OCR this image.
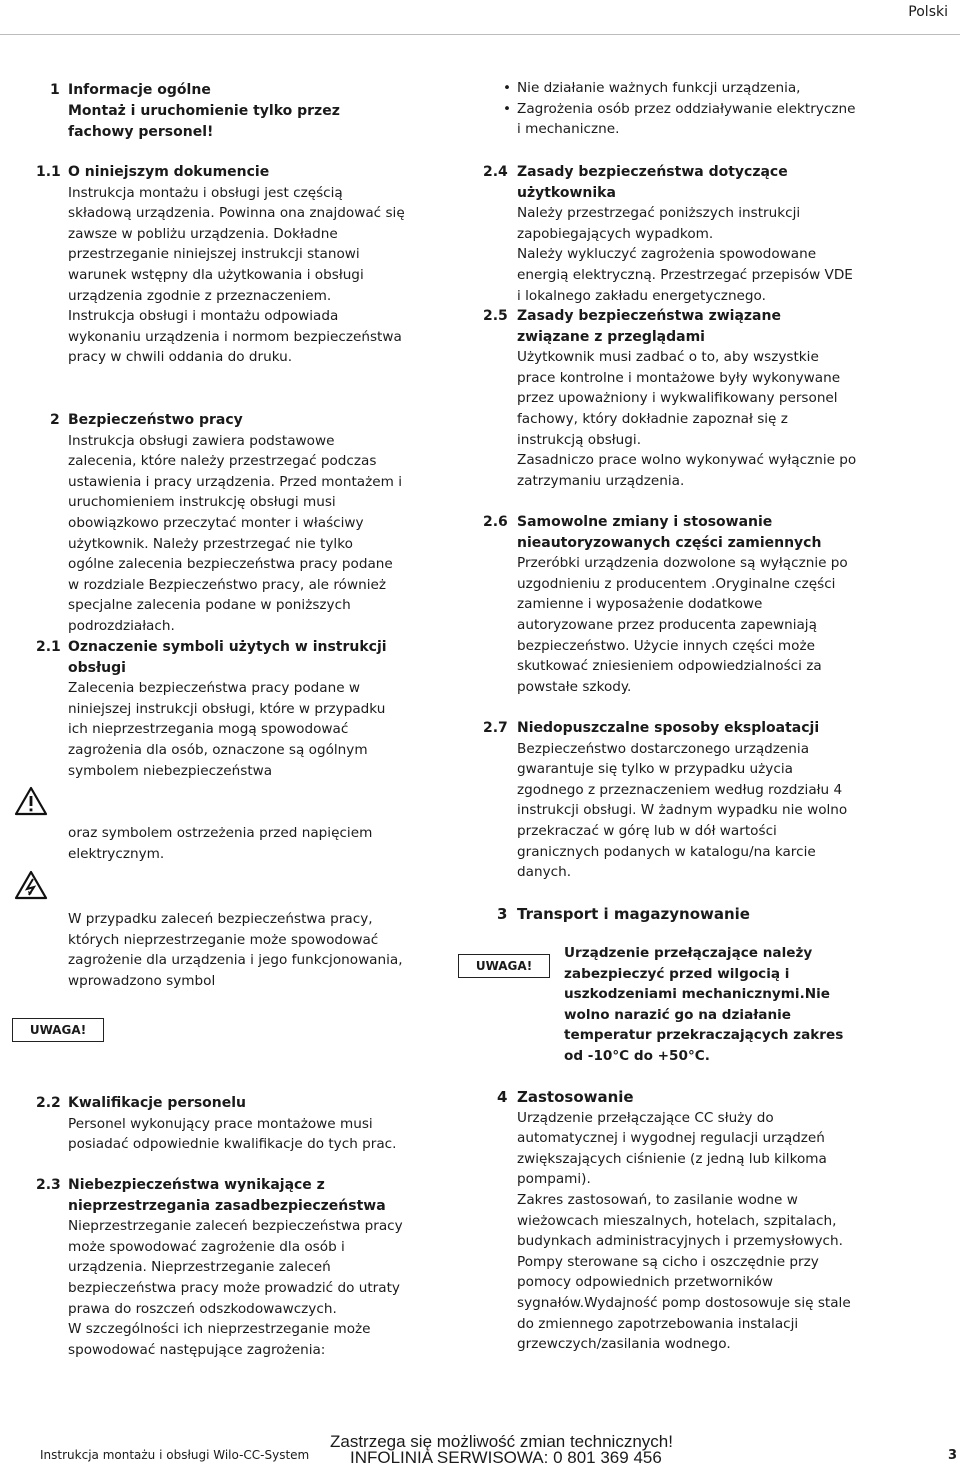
Polski
1 Informacje ogólne
Montaż i uruchomienie tylko przez fachowy personel!
1.1 O niniejszym dokumencie
Instrukcja montażu i obsługi jest częścią składową urządzenia. Powinna ona znajdować się zawsze w pobliżu urządzenia. Dokładne przestrzeganie niniejszej instrukcji stanowi warunek wstępny dla użytkowania i obsługi urządzenia zgodnie z przeznaczeniem.
Instrukcja obsługi i montażu odpowiada wykonaniu urządzenia i normom bezpieczeństwa pracy w chwili oddania do druku.
2 Bezpieczeństwo pracy
Instrukcja obsługi zawiera podstawowe zalecenia, które należy przestrzegać podczas ustawienia i pracy urządzenia. Przed montażem i uruchomieniem instrukcję obsługi musi obowiązkowo przeczytać monter i właściwy użytkownik. Należy przestrzegać nie tylko ogólne zalecenia bezpieczeństwa pracy podane w rozdziale Bezpieczeństwo pracy, ale również specjalne zalecenia podane w poniższych podrozdziałach.
2.1 Oznaczenie symboli użytych w instrukcji obsługi
Zalecenia bezpieczeństwa pracy podane w niniejszej instrukcji obsługi, które w przypadku ich nieprzestrzegania mogą spowodować zagrożenia dla osób, oznaczone są ogólnym symbolem niebezpieczeństwa
oraz symbolem ostrzeżenia przed napięciem elektrycznym.
W przypadku zaleceń bezpieczeństwa pracy, których nieprzestrzeganie może spowodować zagrożenie dla urządzenia i jego funkcjonowania, wprowadzono symbol
UWAGA!
2.2 Kwalifikacje personelu
Personel wykonujący prace montażowe musi posiadać odpowiednie kwalifikacje do tych prac.
2.3 Niebezpieczeństwa wynikające z nieprzestrzegania zasadbezpieczeństwa
Nieprzestrzeganie zaleceń bezpieczeństwa pracy może spowodować zagrożenie dla osób i urządzenia. Nieprzestrzeganie zaleceń bezpieczeństwa pracy może prowadzić do utraty prawa do roszczeń odszkodowawczych.
W szczególności ich nieprzestrzeganie może spowodować następujące zagrożenia:
• Nie działanie ważnych funkcji urządzenia,
• Zagrożenia osób przez oddziaływanie elektryczne i mechaniczne.
2.4 Zasady bezpieczeństwa dotyczące użytkownika
Należy przestrzegać poniższych instrukcji zapobiegających wypadkom.
Należy wykluczyć zagrożenia spowodowane energią elektryczną. Przestrzegać przepisów VDE i lokalnego zakładu energetycznego.
2.5 Zasady bezpieczeństwa związane związane z przeglądami
Użytkownik musi zadbać o to, aby wszystkie prace kontrolne i montażowe były wykonywane przez upoważniony i wykwalifikowany personel fachowy, który dokładnie zapoznał się z instrukcją obsługi.
Zasadniczo prace wolno wykonywać wyłącznie po zatrzymaniu urządzenia.
2.6 Samowolne zmiany i stosowanie nieautoryzowanych części zamiennych
Przeróbki urządzenia dozwolone są wyłącznie po uzgodnieniu z producentem .Oryginalne części zamienne i wyposażenie dodatkowe autoryzowane przez producenta zapewniają bezpieczeństwo. Użycie innych części może skutkować zniesieniem odpowiedzialności za powstałe szkody.
2.7 Niedopuszczalne sposoby eksploatacji
Bezpieczeństwo dostarczonego urządzenia gwarantuje się tylko w przypadku użycia zgodnego z przeznaczeniem według rozdziału 4 instrukcji obsługi. W żadnym wypadku nie wolno przekraczać w górę lub w dół wartości granicznych podanych w katalogu/na karcie danych.
3 Transport i magazynowanie
UWAGA!
Urządzenie przełączające należy zabezpieczyć przed wilgocią i uszkodzeniami mechanicznymi.Nie wolno narazić go na działanie temperatur przekraczających zakres od -10°C do +50°C.
4 Zastosowanie
Urządzenie przełączające CC służy do automatycznej i wygodnej regulacji urządzeń zwiększających ciśnienie (z jedną lub kilkoma pompami).
Zakres zastosowań, to zasilanie wodne w wieżowcach mieszalnych, hotelach, szpitalach, budynkach administracyjnych i przemysłowych. Pompy sterowane są cicho i oszczędnie przy pomocy odpowiednich przetworników sygnałów.Wydajność pomp dostosowuje się stale do zmiennego zapotrzebowania instalacji grzewczych/zasilania wodnego.
Instrukcja montażu i obsługi Wilo-CC-System
Zastrzega się możliwość zmian technicznych!
INFOLINIA SERWISOWA: 0 801 369 456	3
